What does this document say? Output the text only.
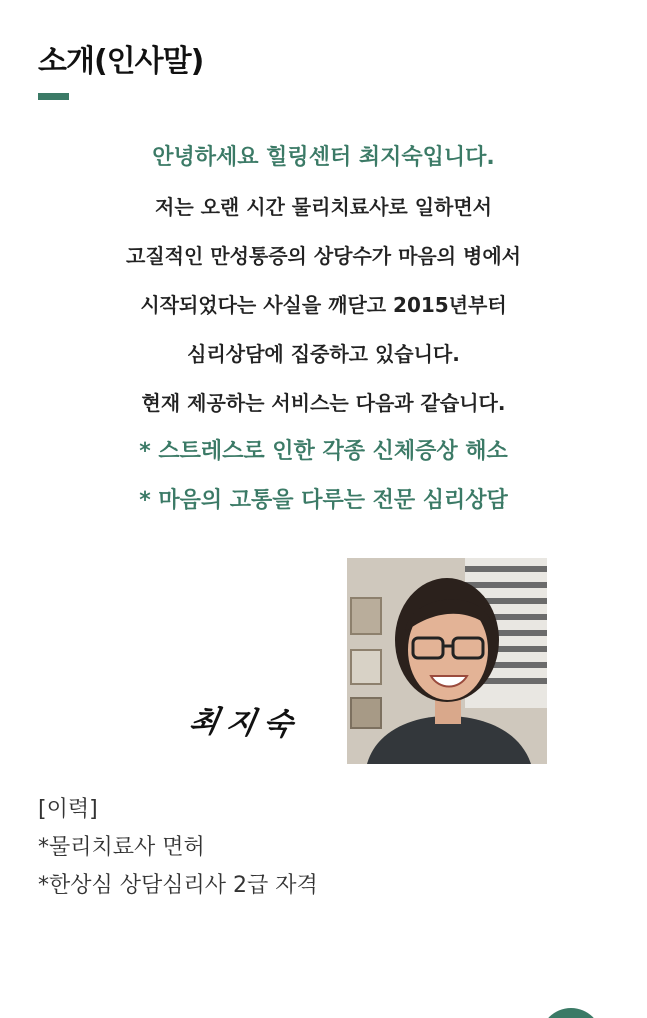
소개(인사말)

안녕하세요 힐링센터 최지숙입니다.

저는 오랜 시간 물리치료사로 일하면서

고질적인 만성통증의 상당수가 마음의 병에서

시작되었다는 사실을 깨닫고 2015년부터

심리상담에 집중하고 있습니다.

현재 제공하는 서비스는 다음과 같습니다.

* 스트레스로 인한 각종 신체증상 해소

* 마음의 고통을 다루는 전문 심리상담

최지숙

[이력]

*물리치료사 면허

*한상심 상담심리사 2급 자격
